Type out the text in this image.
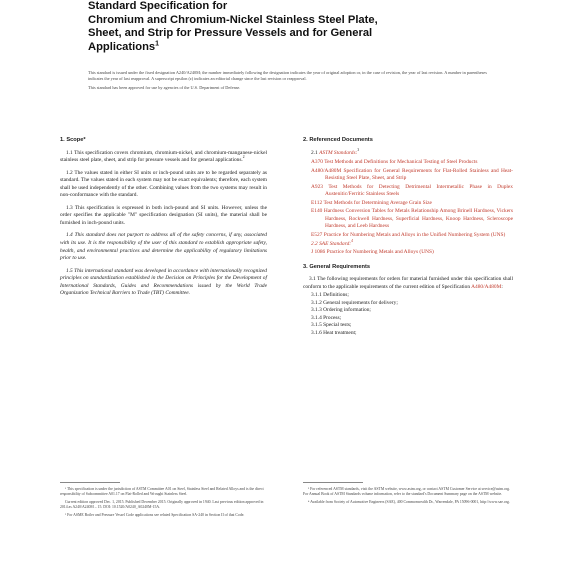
Standard Specification for
Chromium and Chromium-Nickel Stainless Steel Plate,
Sheet, and Strip for Pressure Vessels and for General
Applications$^1$

This standard is issued under the fixed designation A240/A240M; the number immediately following the designation indicates the year of original adoption or, in the case of revision, the year of last revision. A number in parentheses indicates the year of last reapproval. A superscript epsilon (ε) indicates an editorial change since the last revision or reapproval.

This standard has been approved for use by agencies of the U.S. Department of Defense.

1. Scope*

1.1 This specification covers chromium, chromium-nickel, and chromium-manganese-nickel stainless steel plate, sheet, and strip for pressure vessels and for general applications.$^2$

1.2 The values stated in either SI units or inch-pound units are to be regarded separately as standard. The values stated in each system may not be exact equivalents; therefore, each system shall be used independently of the other. Combining values from the two systems may result in non-conformance with the standard.

1.3 This specification is expressed in both inch-pound and SI units. However, unless the order specifies the applicable "M" specification designation (SI units), the material shall be furnished in inch-pound units.

1.4 This standard does not purport to address all of the safety concerns, if any, associated with its use. It is the responsibility of the user of this standard to establish appropriate safety, health, and environmental practices and determine the applicability of regulatory limitations prior to use.

1.5 This international standard was developed in accordance with internationally recognized principles on standardization established in the Decision on Principles for the Development of International Standards, Guides and Recommendations issued by the World Trade Organization Technical Barriers to Trade (TBT) Committee.

2. Referenced Documents
2.1 ASTM Standards:$^3$
A370 Test Methods and Definitions for Mechanical Testing of Steel Products
A480/A480M Specification for General Requirements for Flat-Rolled Stainless and Heat-Resisting Steel Plate, Sheet, and Strip
A923 Test Methods for Detecting Detrimental Intermetallic Phase in Duplex Austenitic/Ferritic Stainless Steels
E112 Test Methods for Determining Average Grain Size
E140 Hardness Conversion Tables for Metals Relationship Among Brinell Hardness, Vickers Hardness, Rockwell Hardness, Superficial Hardness, Knoop Hardness, Scleroscope Hardness, and Leeb Hardness
E527 Practice for Numbering Metals and Alloys in the Unified Numbering System (UNS)
2.2 SAE Standard:$^4$
J 1086 Practice for Numbering Metals and Alloys (UNS)
3. General Requirements

3.1 The following requirements for orders for material furnished under this specification shall conform to the applicable requirements of the current edition of Specification A480/A480M:

3.1.1 Definitions;
3.1.2 General requirements for delivery;
3.1.3 Ordering information;
3.1.4 Process;
3.1.5 Special tests;
3.1.6 Heat treatment;

¹ This specification is under the jurisdiction of ASTM Committee A01 on Steel, Stainless Steel and Related Alloys and is the direct responsibility of Subcommittee A01.17 on Flat-Rolled and Wrought Stainless Steel.

Current edition approved Dec. 1, 2015. Published December 2015. Originally approved in 1940. Last previous edition approved in 2014 as A240/A240M – 15. DOI: 10.1520/A0240_A0240M-15A.

² For ASME Boiler and Pressure Vessel Code applications see related Specification SA-240 in Section II of that Code.

³ For referenced ASTM standards, visit the ASTM website, www.astm.org, or contact ASTM Customer Service at service@astm.org. For Annual Book of ASTM Standards volume information, refer to the standard's Document Summary page on the ASTM website.

⁴ Available from Society of Automotive Engineers (SAE), 400 Commonwealth Dr., Warrendale, PA 15096-0001, http://www.sae.org.
